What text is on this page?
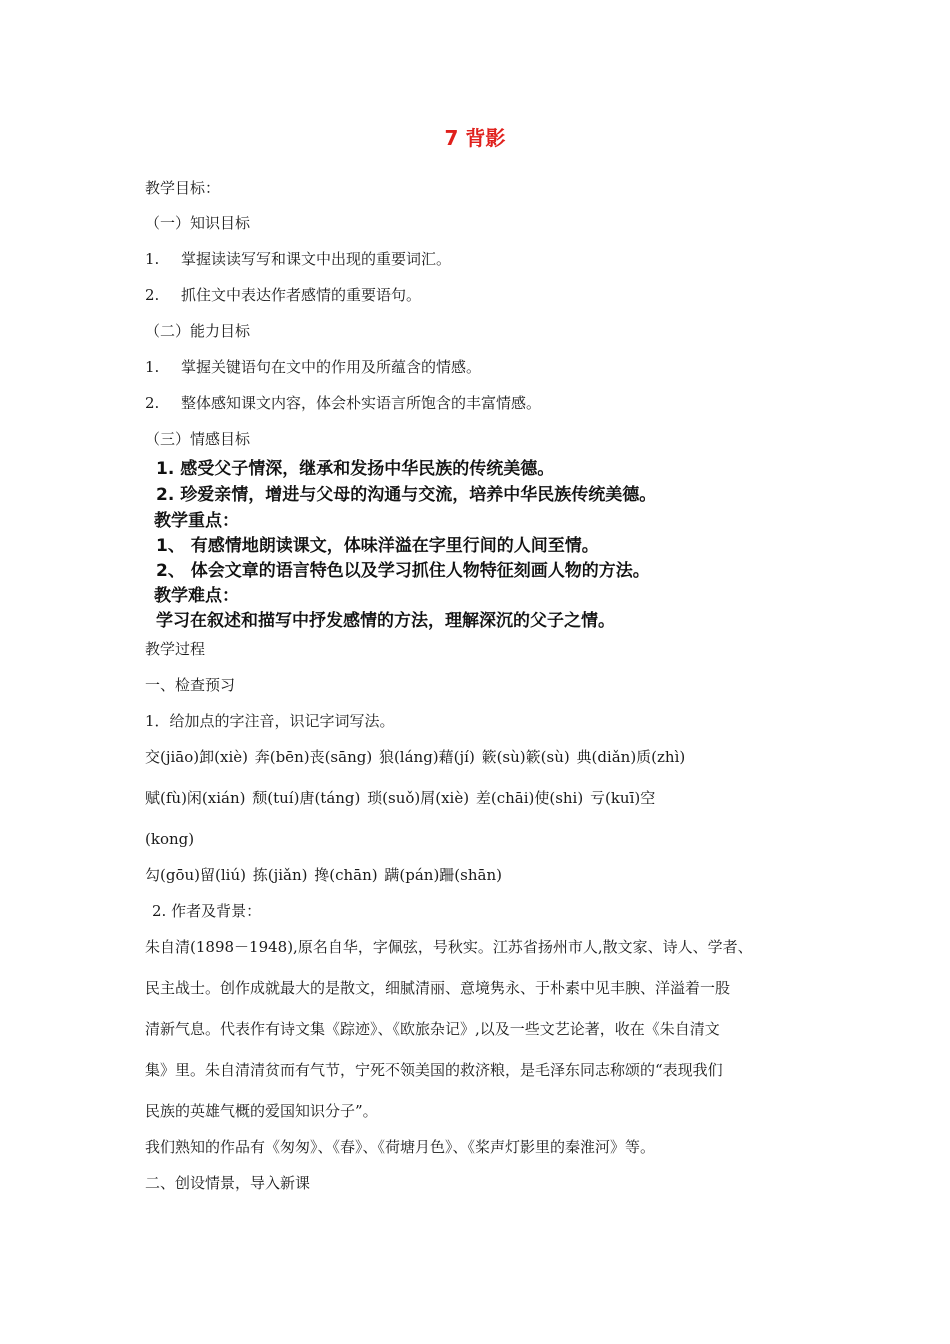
7 背影

教学目标：

（一）知识目标

1. 掌握读读写写和课文中出现的重要词汇。

2. 抓住文中表达作者感情的重要语句。

（二）能力目标

1. 掌握关键语句在文中的作用及所蕴含的情感。

2. 整体感知课文内容，体会朴实语言所饱含的丰富情感。

（三）情感目标

1. 感受父子情深，继承和发扬中华民族的传统美德。

2. 珍爱亲情，增进与父母的沟通与交流，培养中华民族传统美德。

教学重点：

1、 有感情地朗读课文，体味洋溢在字里行间的人间至情。

2、 体会文章的语言特色以及学习抓住人物特征刻画人物的方法。

教学难点：

学习在叙述和描写中抒发感情的方法，理解深沉的父子之情。

教学过程

一、检查预习

1．给加点的字注音，识记字词写法。

交(jiāo)卸(xiè) 奔(bēn)丧(sāng) 狼(láng)藉(jí) 簌(sù)簌(sù) 典(diǎn)质(zhì)

赋(fù)闲(xián) 颓(tuí)唐(táng) 琐(suǒ)屑(xiè) 差(chāi)使(shi) 亏(kuī)空

(kong)

勾(gōu)留(liú) 拣(jiǎn) 搀(chān) 蹒(pán)跚(shān)

2. 作者及背景：

朱自清(1898－1948),原名自华，字佩弦，号秋实。江苏省扬州市人,散文家、诗人、学者、

民主战士。创作成就最大的是散文，细腻清丽、意境隽永、于朴素中见丰腴、洋溢着一股

清新气息。代表作有诗文集《踪迹》、《欧旅杂记》,以及一些文艺论著，收在《朱自清文

集》里。朱自清清贫而有气节，宁死不领美国的救济粮，是毛泽东同志称颂的“表现我们

民族的英雄气概的爱国知识分子”。

我们熟知的作品有《匆匆》、《春》、《荷塘月色》、《桨声灯影里的秦淮河》等。

二、创设情景，导入新课
